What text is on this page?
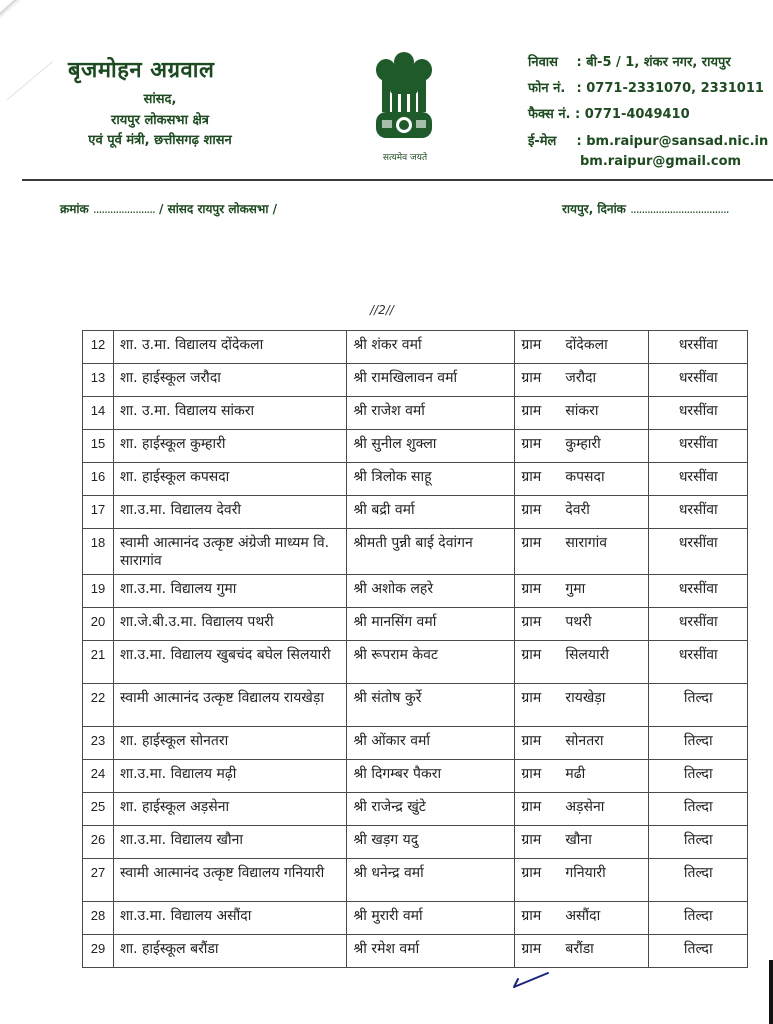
बृजमोहन अग्रवाल
सांसद,
रायपुर लोकसभा क्षेत्र
एवं पूर्व मंत्री, छत्तीसगढ़ शासन
सत्यमेव जयते
निवास : बी-5 / 1, शंकर नगर, रायपुर
फोन नं. : 0771-2331070, 2331011
फैक्स नं. : 0771-4049410
ई-मेल : bm.raipur@sansad.nic.in
bm.raipur@gmail.com
क्रमांक ...................... / सांसद रायपुर लोकसभा /	रायपुर, दिनांक ...................................
//2//
12	शा. उ.मा. विद्यालय दोंदेकला	श्री शंकर वर्मा	ग्राम दोंदेकला	धरसींवा
13	शा. हाईस्कूल जरौदा	श्री रामखिलावन वर्मा	ग्राम जरौदा	धरसींवा
14	शा. उ.मा. विद्यालय सांकरा	श्री राजेश वर्मा	ग्राम सांकरा	धरसींवा
15	शा. हाईस्कूल कुम्हारी	श्री सुनील शुक्ला	ग्राम कुम्हारी	धरसींवा
16	शा. हाईस्कूल कपसदा	श्री त्रिलोक साहू	ग्राम कपसदा	धरसींवा
17	शा.उ.मा. विद्यालय देवरी	श्री बद्री वर्मा	ग्राम देवरी	धरसींवा
18	स्वामी आत्मानंद उत्कृष्ट अंग्रेजी माध्यम वि. सारागांव	श्रीमती पुन्नी बाई देवांगन	ग्राम सारागांव	धरसींवा
19	शा.उ.मा. विद्यालय गुमा	श्री अशोक लहरे	ग्राम गुमा	धरसींवा
20	शा.जे.बी.उ.मा. विद्यालय पथरी	श्री मानसिंग वर्मा	ग्राम पथरी	धरसींवा
21	शा.उ.मा. विद्यालय खुबचंद बघेल सिलयारी	श्री रूपराम केवट	ग्राम सिलयारी	धरसींवा
22	स्वामी आत्मानंद उत्कृष्ट विद्यालय रायखेड़ा	श्री संतोष कुर्रे	ग्राम रायखेड़ा	तिल्दा
23	शा. हाईस्कूल सोनतरा	श्री ओंकार वर्मा	ग्राम सोनतरा	तिल्दा
24	शा.उ.मा. विद्यालय मढ़ी	श्री दिगम्बर पैकरा	ग्राम मढी	तिल्दा
25	शा. हाईस्कूल अड़सेना	श्री राजेन्द्र खुंटे	ग्राम अड़सेना	तिल्दा
26	शा.उ.मा. विद्यालय खौना	श्री खड़ग यदु	ग्राम खौना	तिल्दा
27	स्वामी आत्मानंद उत्कृष्ट विद्यालय गनियारी	श्री धनेन्द्र वर्मा	ग्राम गनियारी	तिल्दा
28	शा.उ.मा. विद्यालय असौंदा	श्री मुरारी वर्मा	ग्राम असौंदा	तिल्दा
29	शा. हाईस्कूल बरौंडा	श्री रमेश वर्मा	ग्राम बरौंडा	तिल्दा
